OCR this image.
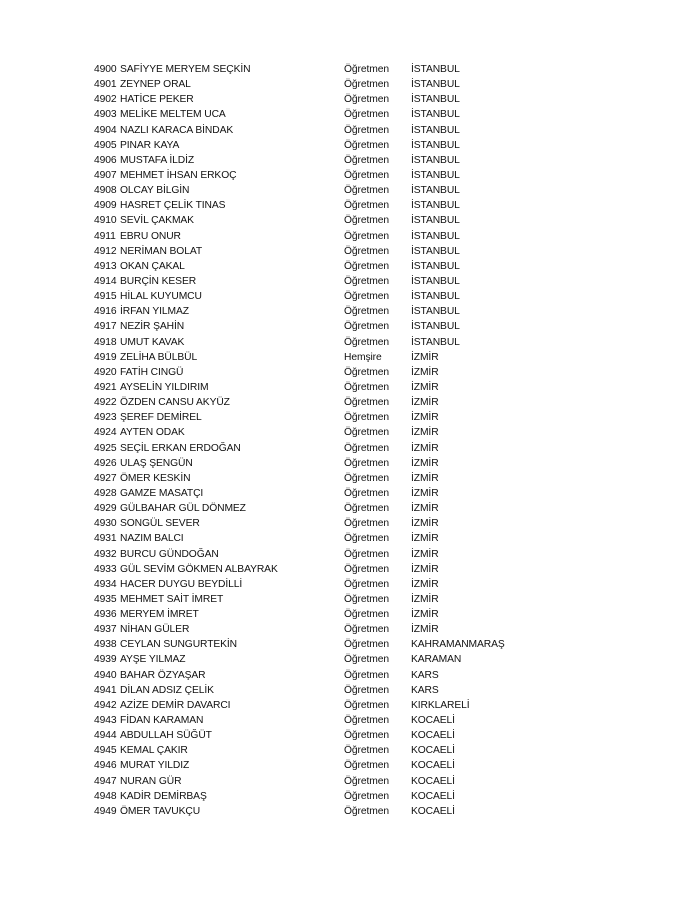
4900 SAFİYYE MERYEM SEÇKİN	Öğretmen İSTANBUL
4901 ZEYNEP ORAL	Öğretmen İSTANBUL
4902 HATİCE PEKER	Öğretmen İSTANBUL
4903 MELİKE MELTEM UCA	Öğretmen İSTANBUL
4904 NAZLI KARACA BİNDAK	Öğretmen İSTANBUL
4905 PINAR KAYA	Öğretmen İSTANBUL
4906 MUSTAFA İLDİZ	Öğretmen İSTANBUL
4907 MEHMET İHSAN ERKOÇ	Öğretmen İSTANBUL
4908 OLCAY BİLGİN	Öğretmen İSTANBUL
4909 HASRET ÇELİK TINAS	Öğretmen İSTANBUL
4910 SEVİL ÇAKMAK	Öğretmen İSTANBUL
4911 EBRU ONUR	Öğretmen İSTANBUL
4912 NERİMAN BOLAT	Öğretmen İSTANBUL
4913 OKAN ÇAKAL	Öğretmen İSTANBUL
4914 BURÇİN KESER	Öğretmen İSTANBUL
4915 HİLAL KUYUMCU	Öğretmen İSTANBUL
4916 İRFAN YILMAZ	Öğretmen İSTANBUL
4917 NEZİR ŞAHİN	Öğretmen İSTANBUL
4918 UMUT KAVAK	Öğretmen İSTANBUL
4919 ZELİHA BÜLBÜL	Hemşire	İZMİR
4920 FATİH CINGÜ	Öğretmen İZMİR
4921 AYSELİN YILDIRIM	Öğretmen İZMİR
4922 ÖZDEN CANSU AKYÜZ	Öğretmen İZMİR
4923 ŞEREF DEMİREL	Öğretmen İZMİR
4924 AYTEN ODAK	Öğretmen İZMİR
4925 SEÇİL ERKAN ERDOĞAN	Öğretmen İZMİR
4926 ULAŞ ŞENGÜN	Öğretmen İZMİR
4927 ÖMER KESKİN	Öğretmen İZMİR
4928 GAMZE MASATÇI	Öğretmen İZMİR
4929 GÜLBAHAR GÜL DÖNMEZ	Öğretmen İZMİR
4930 SONGÜL SEVER	Öğretmen İZMİR
4931 NAZIM BALCI	Öğretmen İZMİR
4932 BURCU GÜNDOĞAN	Öğretmen İZMİR
4933 GÜL SEVİM GÖKMEN ALBAYRAK	Öğretmen İZMİR
4934 HACER DUYGU BEYDİLLİ	Öğretmen İZMİR
4935 MEHMET SAİT İMRET	Öğretmen İZMİR
4936 MERYEM İMRET	Öğretmen İZMİR
4937 NİHAN GÜLER	Öğretmen İZMİR
4938 CEYLAN SUNGURTEKİN	Öğretmen KAHRAMANMARAŞ
4939 AYŞE YILMAZ	Öğretmen KARAMAN
4940 BAHAR ÖZYAŞAR	Öğretmen KARS
4941 DİLAN ADSIZ ÇELİK	Öğretmen KARS
4942 AZİZE DEMİR DAVARCI	Öğretmen KIRKLARELİ
4943 FİDAN KARAMAN	Öğretmen KOCAELİ
4944 ABDULLAH SÜĞÜT	Öğretmen KOCAELİ
4945 KEMAL ÇAKIR	Öğretmen KOCAELİ
4946 MURAT YILDIZ	Öğretmen KOCAELİ
4947 NURAN GÜR	Öğretmen KOCAELİ
4948 KADİR DEMİRBAŞ	Öğretmen KOCAELİ
4949 ÖMER TAVUKÇU	Öğretmen KOCAELİ
